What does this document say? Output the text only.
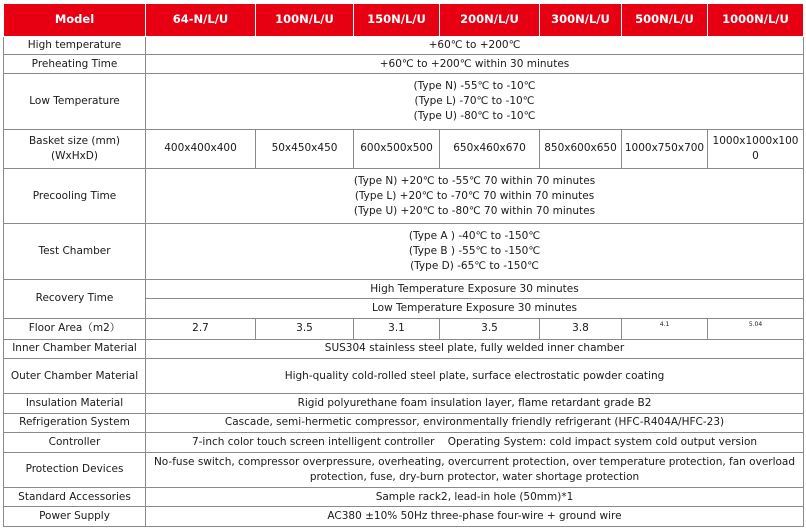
Model	64-N/L/U	100N/L/U	150N/L/U	200N/L/U	300N/L/U	500N/L/U	1000N/L/U
High temperature	+60℃ to +200℃						
Preheating Time	+60℃ to +200℃ within 30 minutes						
Low Temperature	(Type N) -55℃ to -10℃
(Type L) -70℃ to -10℃
(Type U) -80℃ to -10℃						

Basket size (mm)
(WxHxD)	400x400x400	50x450x450	600x500x500	650x460x670	850x600x650	1000x750x700	1000x1000x1000
Precooling Time	(Type N) +20℃ to -55℃ 70 within 70 minutes
(Type L) +20℃ to -70℃ 70 within 70 minutes
(Type U) +20℃ to -80℃ 70 within 70 minutes						

Test Chamber	(Type A ) -40℃ to -150℃
(Type B ) -55℃ to -150℃
(Type D) -65℃ to -150℃						

Recovery Time	High Temperature Exposure 30 minutes						
	Low Temperature Exposure 30 minutes						
Floor Area（m2）	2.7	3.5	3.1	3.5	3.8	4.1	5.04
Inner Chamber Material	SUS304 stainless steel plate, fully welded inner chamber						
Outer Chamber Material	High-quality cold-rolled steel plate, surface electrostatic powder coating						
Insulation Material	Rigid polyurethane foam insulation layer, flame retardant grade B2						
Refrigeration System	Cascade, semi-hermetic compressor, environmentally friendly refrigerant (HFC-R404A/HFC-23)						
Controller	7-inch color touch screen intelligent controller    Operating System: cold impact system cold output version						
Protection Devices	No-fuse switch, compressor overpressure, overheating, overcurrent protection, over temperature protection, fan overload protection, fuse, dry-burn protector, water shortage protection						
Standard Accessories	Sample rack2, lead-in hole (50mm)*1						
Power Supply	AC380 ±10% 50Hz three-phase four-wire + ground wire						
